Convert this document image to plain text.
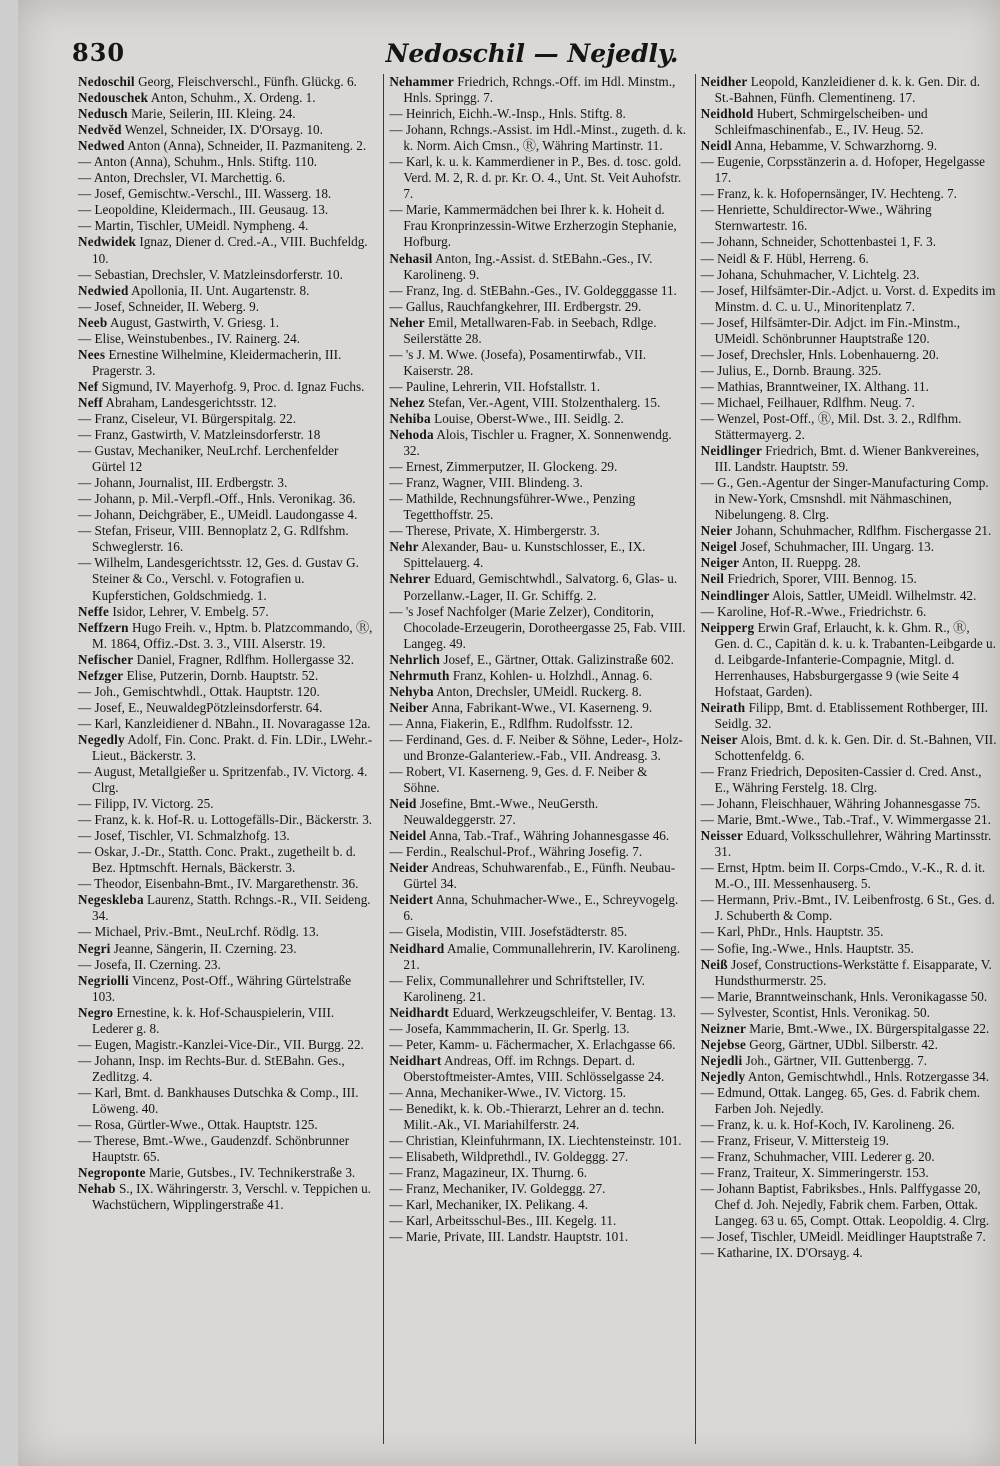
830	Nedoschil — Nejedly.
Nedoschil Georg, Fleischverschl., Fünfh. Glückg. 6.
Nedouschek Anton, Schuhm., X. Ordeng. 1.
Nedusch Marie, Seilerin, III. Kleing. 24.
Nedvěd Wenzel, Schneider, IX. D'Orsayg. 10.
Nedwed Anton (Anna), Schneider, II. Pazmaniteng. 2.
— Anton (Anna), Schuhm., Hnls. Stiftg. 110.
— Anton, Drechsler, VI. Marchettig. 6.
— Josef, Gemischtw.-Verschl., III. Wasserg. 18.
— Leopoldine, Kleidermach., III. Geusaug. 13.
— Martin, Tischler, UMeidl. Nympheng. 4.
Nedwidek Ignaz, Diener d. Cred.-A., VIII. Buchfeldg. 10.
— Sebastian, Drechsler, V. Matzleinsdorferstr. 10.
Nedwied Apollonia, II. Unt. Augartenstr. 8.
— Josef, Schneider, II. Weberg. 9.
Neeb August, Gastwirth, V. Griesg. 1.
— Elise, Weinstubenbes., IV. Rainerg. 24.
Nees Ernestine Wilhelmine, Kleidermacherin, III. Pragerstr. 3.
Nef Sigmund, IV. Mayerhofg. 9, Proc. d. Ignaz Fuchs.
Neff Abraham, Landesgerichtsstr. 12.
— Franz, Ciseleur, VI. Bürgerspitalg. 22.
— Franz, Gastwirth, V. Matzleinsdorferstr. 18
— Gustav, Mechaniker, NeuLrchf. Lerchenfelder Gürtel 12
— Johann, Journalist, III. Erdbergstr. 3.
— Johann, p. Mil.-Verpfl.-Off., Hnls. Veronikag. 36.
— Johann, Deichgräber, E., UMeidl. Laudongasse 4.
— Stefan, Friseur, VIII. Bennoplatz 2, G. Rdlfshm. Schweglerstr. 16.
— Wilhelm, Landesgerichtsstr. 12, Ges. d. Gustav G. Steiner & Co., Verschl. v. Fotografien u. Kupferstichen, Goldschmiedg. 1.
Neffe Isidor, Lehrer, V. Embelg. 57.
Neffzern Hugo Freih. v., Hptm. b. Platzcommando, Ⓡ, M. 1864, Offiz.-Dst. 3. 3., VIII. Alserstr. 19.
Nefischer Daniel, Fragner, Rdlfhm. Hollergasse 32.
Nefzger Elise, Putzerin, Dornb. Hauptstr. 52.
— Joh., Gemischtwhdl., Ottak. Hauptstr. 120.
— Josef, E., NeuwaldegPötzleinsdorferstr. 64.
— Karl, Kanzleidiener d. NBahn., II. Novaragasse 12a.
Negedly Adolf, Fin. Conc. Prakt. d. Fin. LDir., LWehr.-Lieut., Bäckerstr. 3.
— August, Metallgießer u. Spritzenfab., IV. Victorg. 4. Clrg.
— Filipp, IV. Victorg. 25.
— Franz, k. k. Hof-R. u. Lottogefälls-Dir., Bäckerstr. 3.
— Josef, Tischler, VI. Schmalzhofg. 13.
— Oskar, J.-Dr., Statth. Conc. Prakt., zugetheilt b. d. Bez. Hptmschft. Hernals, Bäckerstr. 3.
— Theodor, Eisenbahn-Bmt., IV. Margarethenstr. 36.
Negeskleba Laurenz, Statth. Rchngs.-R., VII. Seideng. 34.
— Michael, Priv.-Bmt., NeuLrchf. Rödlg. 13.
Negri Jeanne, Sängerin, II. Czerning. 23.
— Josefa, II. Czerning. 23.
Negriolli Vincenz, Post-Off., Währing Gürtelstraße 103.
Negro Ernestine, k. k. Hof-Schauspielerin, VIII. Lederer g. 8.
— Eugen, Magistr.-Kanzlei-Vice-Dir., VII. Burgg. 22.
— Johann, Insp. im Rechts-Bur. d. StEBahn. Ges., Zedlitzg. 4.
— Karl, Bmt. d. Bankhauses Dutschka & Comp., III. Löweng. 40.
— Rosa, Gürtler-Wwe., Ottak. Hauptstr. 125.
— Therese, Bmt.-Wwe., Gaudenzdf. Schönbrunner Hauptstr. 65.
Negroponte Marie, Gutsbes., IV. Technikerstraße 3.
Nehab S., IX. Währingerstr. 3, Verschl. v. Teppichen u. Wachstüchern, Wipplingerstraße 41.
Nehammer Friedrich, Rchngs.-Off. im Hdl. Minstm., Hnls. Springg. 7.
— Heinrich, Eichh.-W.-Insp., Hnls. Stiftg. 8.
— Johann, Rchngs.-Assist. im Hdl.-Minst., zugeth. d. k. k. Norm. Aich Cmsn., Ⓡ, Währing Martinstr. 11.
— Karl, k. u. k. Kammerdiener in P., Bes. d. tosc. gold. Verd. M. 2, R. d. pr. Kr. O. 4., Unt. St. Veit Auhofstr. 7.
— Marie, Kammermädchen bei Ihrer k. k. Hoheit d. Frau Kronprinzessin-Witwe Erzherzogin Stephanie, Hofburg.
Nehasil Anton, Ing.-Assist. d. StEBahn.-Ges., IV. Karolineng. 9.
— Franz, Ing. d. StEBahn.-Ges., IV. Goldegggasse 11.
— Gallus, Rauchfangkehrer, III. Erdbergstr. 29.
Neher Emil, Metallwaren-Fab. in Seebach, Rdlge. Seilerstätte 28.
— 's J. M. Wwe. (Josefa), Posamentirwfab., VII. Kaiserstr. 28.
— Pauline, Lehrerin, VII. Hofstallstr. 1.
Nehez Stefan, Ver.-Agent, VIII. Stolzenthalerg. 15.
Nehiba Louise, Oberst-Wwe., III. Seidlg. 2.
Nehoda Alois, Tischler u. Fragner, X. Sonnenwendg. 32.
— Ernest, Zimmerputzer, II. Glockeng. 29.
— Franz, Wagner, VIII. Blindeng. 3.
— Mathilde, Rechnungsführer-Wwe., Penzing Tegetthoffstr. 25.
— Therese, Private, X. Himbergerstr. 3.
Nehr Alexander, Bau- u. Kunstschlosser, E., IX. Spittelauerg. 4.
Nehrer Eduard, Gemischtwhdl., Salvatorg. 6, Glas- u. Porzellanw.-Lager, II. Gr. Schiffg. 2.
— 's Josef Nachfolger (Marie Zelzer), Conditorin, Chocolade-Erzeugerin, Dorotheergasse 25, Fab. VIII. Langeg. 49.
Nehrlich Josef, E., Gärtner, Ottak. Galizinstraße 602.
Nehrmuth Franz, Kohlen- u. Holzhdl., Annag. 6.
Nehyba Anton, Drechsler, UMeidl. Ruckerg. 8.
Neiber Anna, Fabrikant-Wwe., VI. Kaserneng. 9.
— Anna, Fiakerin, E., Rdlfhm. Rudolfsstr. 12.
— Ferdinand, Ges. d. F. Neiber & Söhne, Leder-, Holz- und Bronze-Galanteriew.-Fab., VII. Andreasg. 3.
— Robert, VI. Kaserneng. 9, Ges. d. F. Neiber & Söhne.
Neid Josefine, Bmt.-Wwe., NeuGersth. Neuwaldeggerstr. 27.
Neidel Anna, Tab.-Traf., Währing Johannesgasse 46.
— Ferdin., Realschul-Prof., Währing Josefig. 7.
Neider Andreas, Schuhwarenfab., E., Fünfh. Neubau-Gürtel 34.
Neidert Anna, Schuhmacher-Wwe., E., Schreyvogelg. 6.
— Gisela, Modistin, VIII. Josefstädterstr. 85.
Neidhard Amalie, Communallehrerin, IV. Karolineng. 21.
— Felix, Communallehrer und Schriftsteller, IV. Karolineng. 21.
Neidhardt Eduard, Werkzeugschleifer, V. Bentag. 13.
— Josefa, Kammmacherin, II. Gr. Sperlg. 13.
— Peter, Kamm- u. Fächermacher, X. Erlachgasse 66.
Neidhart Andreas, Off. im Rchngs. Depart. d. Oberstoftmeister-Amtes, VIII. Schlösselgasse 24.
— Anna, Mechaniker-Wwe., IV. Victorg. 15.
— Benedikt, k. k. Ob.-Thierarzt, Lehrer an d. techn. Milit.-Ak., VI. Mariahilferstr. 24.
— Christian, Kleinfuhrmann, IX. Liechtensteinstr. 101.
— Elisabeth, Wildprethdl., IV. Goldeggg. 27.
— Franz, Magazineur, IX. Thurng. 6.
— Franz, Mechaniker, IV. Goldeggg. 27.
— Karl, Mechaniker, IX. Pelikang. 4.
— Karl, Arbeitsschul-Bes., III. Kegelg. 11.
— Marie, Private, III. Landstr. Hauptstr. 101.
Neidher Leopold, Kanzleidiener d. k. k. Gen. Dir. d. St.-Bahnen, Fünfh. Clementineng. 17.
Neidhold Hubert, Schmirgelscheiben- und Schleifmaschinenfab., E., IV. Heug. 52.
Neidl Anna, Hebamme, V. Schwarzhorng. 9.
— Eugenie, Corpsstänzerin a. d. Hofoper, Hegelgasse 17.
— Franz, k. k. Hofopernsänger, IV. Hechteng. 7.
— Henriette, Schuldirector-Wwe., Währing Sternwartestr. 16.
— Johann, Schneider, Schottenbastei 1, F. 3.
— Neidl & F. Hübl, Herreng. 6.
— Johana, Schuhmacher, V. Lichtelg. 23.
— Josef, Hilfsämter-Dir.-Adjct. u. Vorst. d. Expedits im Minstm. d. C. u. U., Minoritenplatz 7.
— Josef, Hilfsämter-Dir. Adjct. im Fin.-Minstm., UMeidl. Schönbrunner Hauptstraße 120.
— Josef, Drechsler, Hnls. Lobenhauerng. 20.
— Julius, E., Dornb. Braung. 325.
— Mathias, Branntweiner, IX. Althang. 11.
— Michael, Feilhauer, Rdlfhm. Neug. 7.
— Wenzel, Post-Off., Ⓡ, Mil. Dst. 3. 2., Rdlfhm. Stättermayerg. 2.
Neidlinger Friedrich, Bmt. d. Wiener Bankvereines, III. Landstr. Hauptstr. 59.
— G., Gen.-Agentur der Singer-Manufacturing Comp. in New-York, Cmsnshdl. mit Nähmaschinen, Nibelungeng. 8. Clrg.
Neier Johann, Schuhmacher, Rdlfhm. Fischergasse 21.
Neigel Josef, Schuhmacher, III. Ungarg. 13.
Neiger Anton, II. Rueppg. 28.
Neil Friedrich, Sporer, VIII. Bennog. 15.
Neindlinger Alois, Sattler, UMeidl. Wilhelmstr. 42.
— Karoline, Hof-R.-Wwe., Friedrichstr. 6.
Neipperg Erwin Graf, Erlaucht, k. k. Ghm. R., Ⓡ, Gen. d. C., Capitän d. k. u. k. Trabanten-Leibgarde u. d. Leibgarde-Infanterie-Compagnie, Mitgl. d. Herrenhauses, Habsburgergasse 9 (wie Seite 4 Hofstaat, Garden).
Neirath Filipp, Bmt. d. Etablissement Rothberger, III. Seidlg. 32.
Neiser Alois, Bmt. d. k. k. Gen. Dir. d. St.-Bahnen, VII. Schottenfeldg. 6.
— Franz Friedrich, Depositen-Cassier d. Cred. Anst., E., Währing Ferstelg. 18. Clrg.
— Johann, Fleischhauer, Währing Johannesgasse 75.
— Marie, Bmt.-Wwe., Tab.-Traf., V. Wimmergasse 21.
Neisser Eduard, Volksschullehrer, Währing Martinsstr. 31.
— Ernst, Hptm. beim II. Corps-Cmdo., V.-K., R. d. it. M.-O., III. Messenhauserg. 5.
— Hermann, Priv.-Bmt., IV. Leibenfrostg. 6 St., Ges. d. J. Schuberth & Comp.
— Karl, PhDr., Hnls. Hauptstr. 35.
— Sofie, Ing.-Wwe., Hnls. Hauptstr. 35.
Neiß Josef, Constructions-Werkstätte f. Eisapparate, V. Hundsthurmerstr. 25.
— Marie, Branntweinschank, Hnls. Veronikagasse 50.
— Sylvester, Scontist, Hnls. Veronikag. 50.
Neizner Marie, Bmt.-Wwe., IX. Bürgerspitalgasse 22.
Nejebse Georg, Gärtner, UDbl. Silberstr. 42.
Nejedli Joh., Gärtner, VII. Guttenbergg. 7.
Nejedly Anton, Gemischtwhdl., Hnls. Rotzergasse 34.
— Edmund, Ottak. Langeg. 65, Ges. d. Fabrik chem. Farben Joh. Nejedly.
— Franz, k. u. k. Hof-Koch, IV. Karolineng. 26.
— Franz, Friseur, V. Mittersteig 19.
— Franz, Schuhmacher, VIII. Lederer g. 20.
— Franz, Traiteur, X. Simmeringerstr. 153.
— Johann Baptist, Fabriksbes., Hnls. Palffygasse 20, Chef d. Joh. Nejedly, Fabrik chem. Farben, Ottak. Langeg. 63 u. 65, Compt. Ottak. Leopoldig. 4. Clrg.
— Josef, Tischler, UMeidl. Meidlinger Hauptstraße 7.
— Katharine, IX. D'Orsayg. 4.
